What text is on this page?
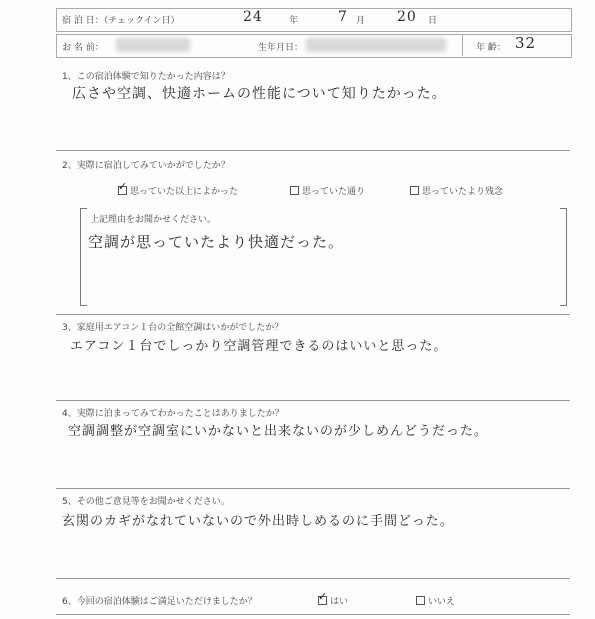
宿 泊 日：（チェックイン日）	24	年	7 月 20 日
お 名 前：	生年月日：	年 齢： 32
1、この宿泊体験で知りたかった内容は？
広さや空調、快適ホームの性能について知りたかった。
2、実際に宿泊してみていかがでしたか？
✓思っていた以上によかった	思っていた通り	思っていたより残念
上記理由をお聞かせください。
空調が思っていたより快適だった。
3、家庭用エアコン１台の全館空調はいかがでしたか？
エアコン１台でしっかり空調管理できるのはいいと思った。
4、実際に泊まってみてわかったことはありましたか？
空調調整が空調室にいかないと出来ないのが少しめんどうだった。
5、その他ご意見等をお聞かせください。
玄関のカギがなれていないので外出時しめるのに手間どった。
6、今回の宿泊体験はご満足いただけましたか？
✓	はい	いいえ
